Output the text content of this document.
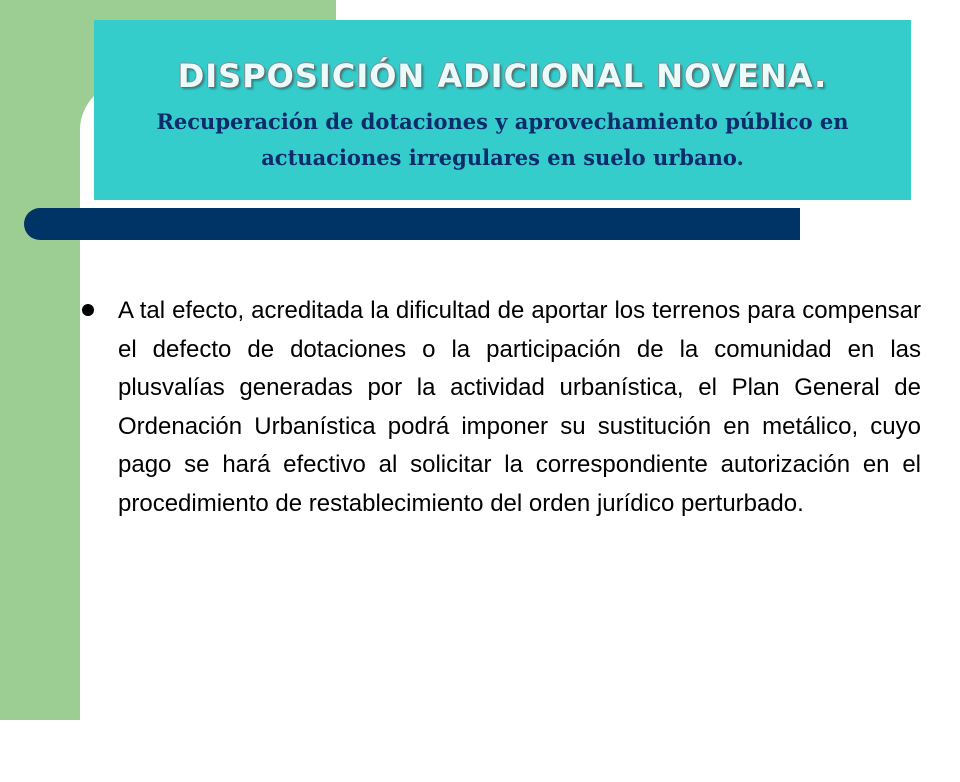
DISPOSICIÓN ADICIONAL NOVENA.

Recuperación de dotaciones y aprovechamiento público en actuaciones irregulares en suelo urbano.

A tal efecto, acreditada la dificultad de aportar los terrenos para compensar el defecto de dotaciones o la participación de la comunidad en las plusvalías generadas por la actividad urbanística, el Plan General de Ordenación Urbanística podrá imponer su sustitución en metálico, cuyo pago se hará efectivo al solicitar la correspondiente autorización en el procedimiento de restablecimiento del orden jurídico perturbado.
